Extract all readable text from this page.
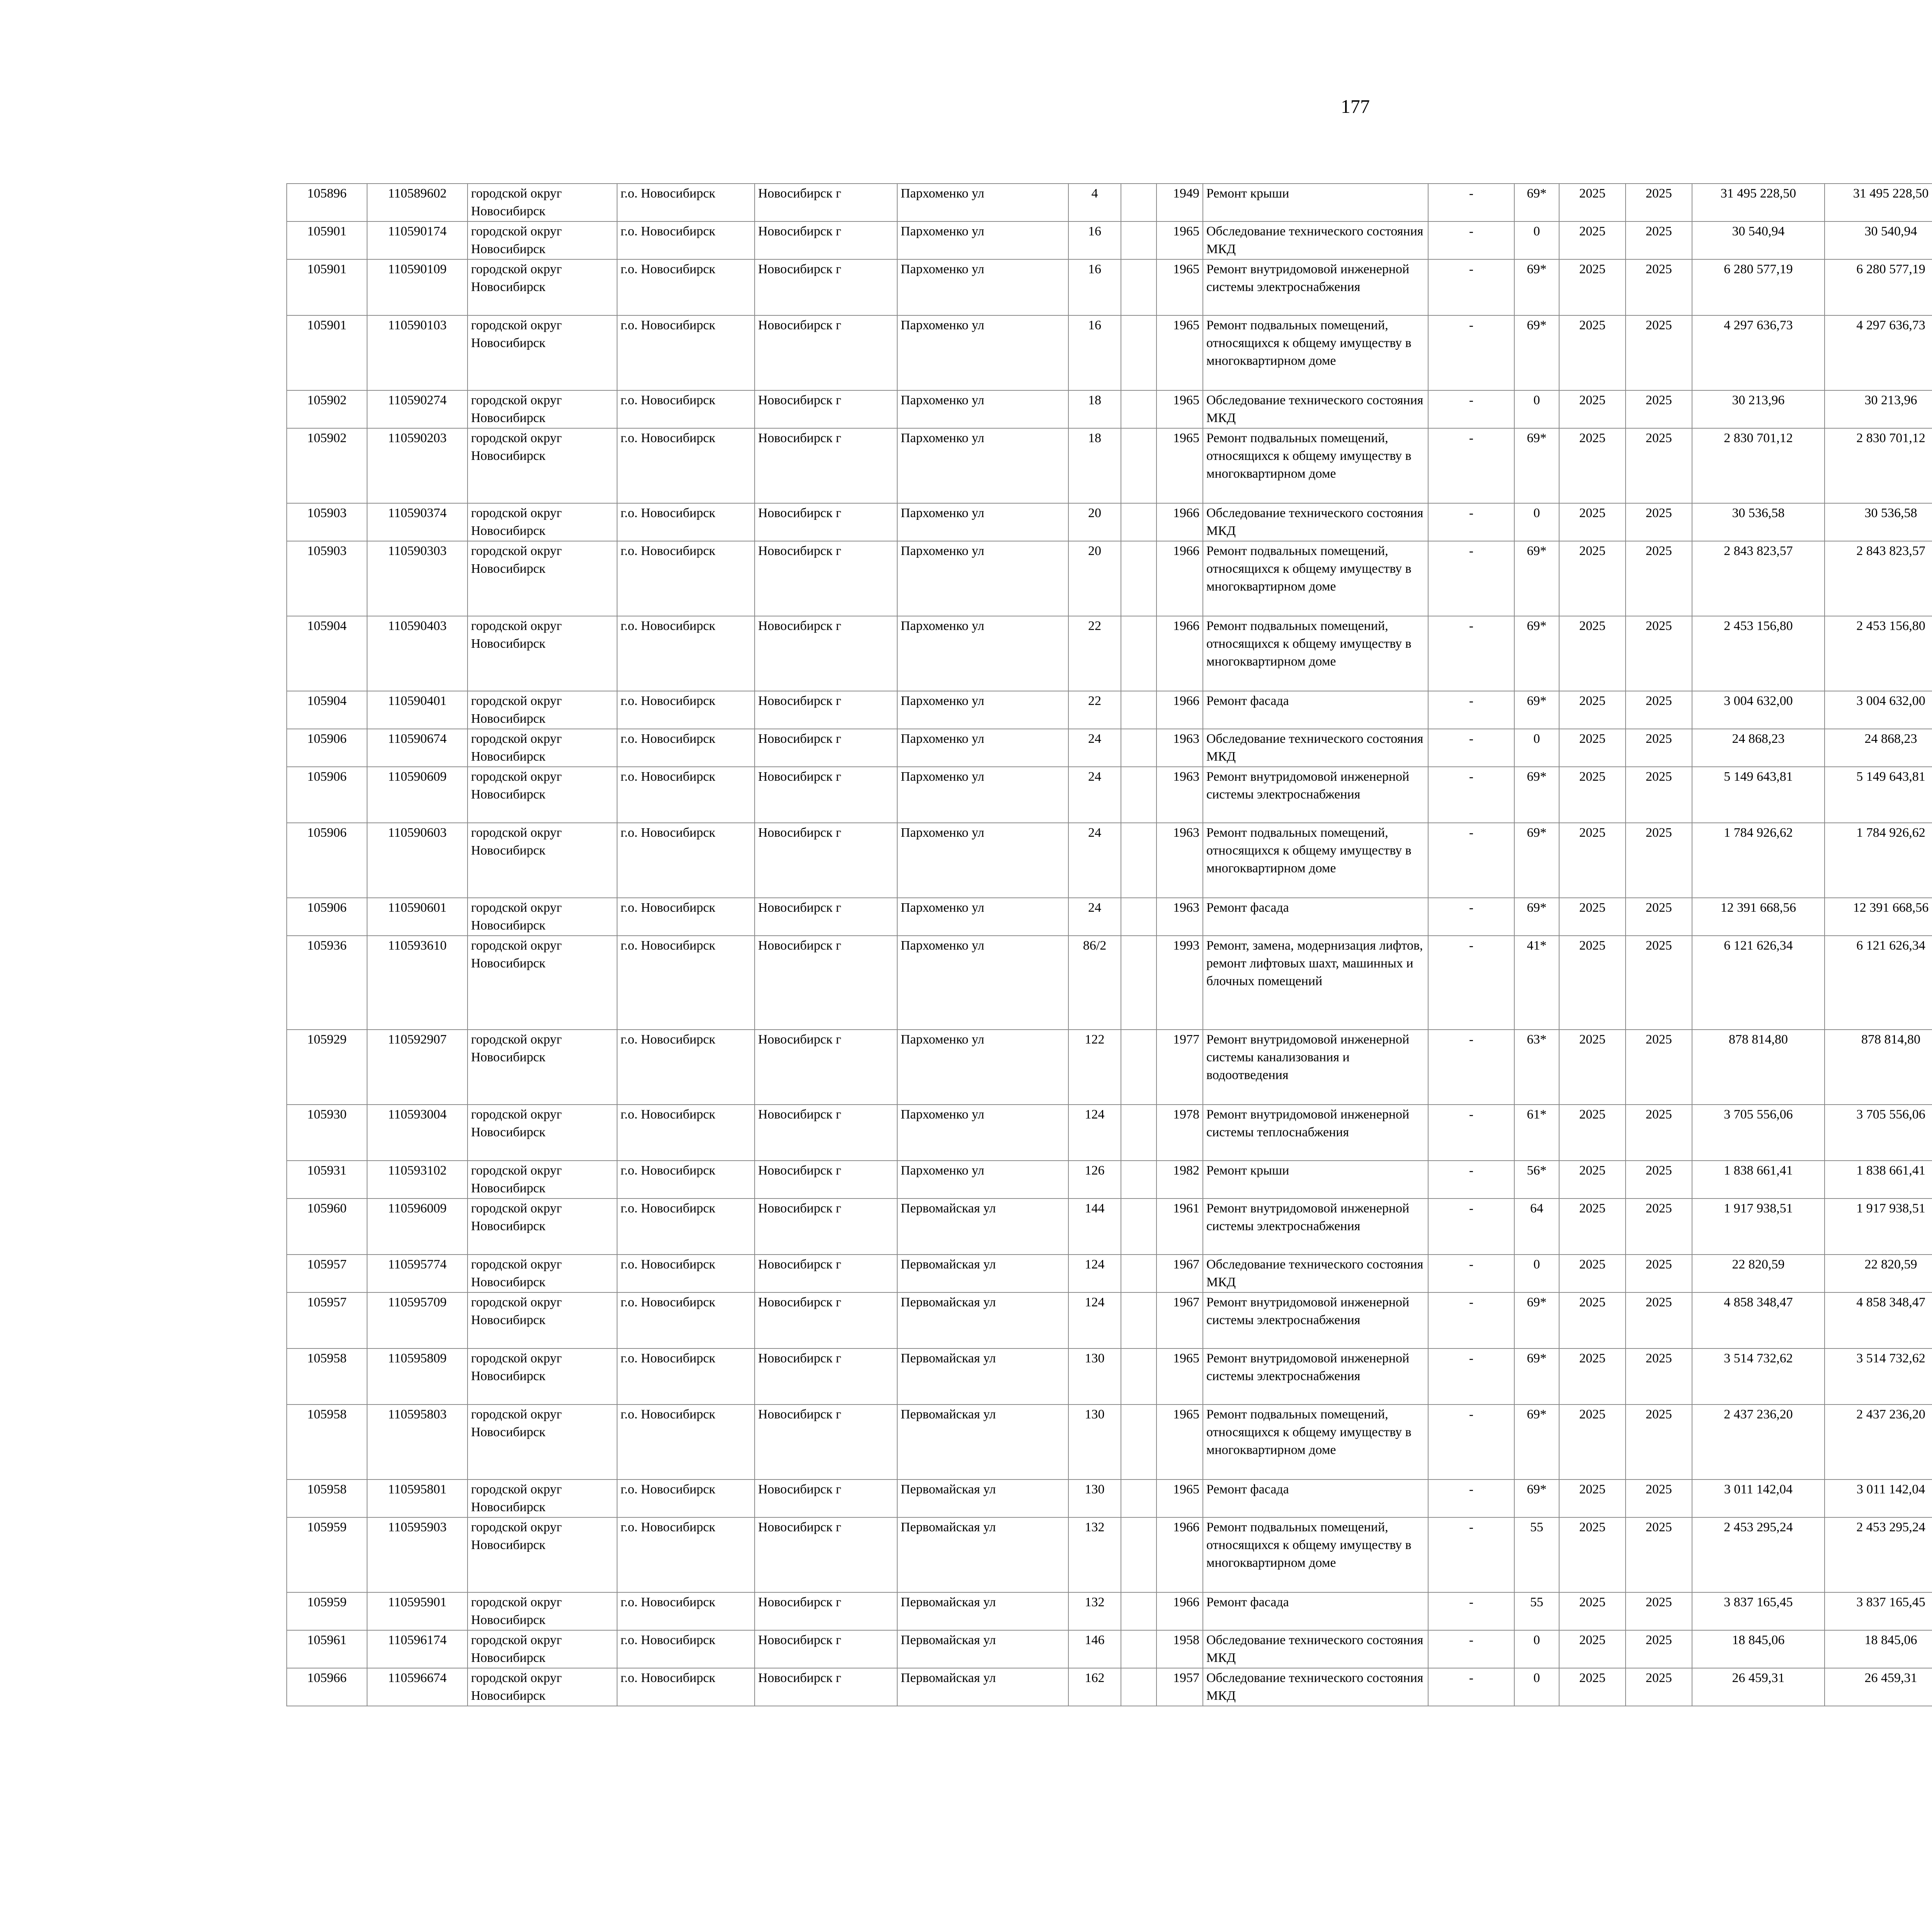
177
105896	110589602	городской округ Новосибирск	г.о. Новосибирск	Новосибирск г	Пархоменко ул	4		1949	Ремонт крыши	-	69*	2025	2025	31 495 228,50	31 495 228,50						
105901	110590174	городской округ Новосибирск	г.о. Новосибирск	Новосибирск г	Пархоменко ул	16		1965	Обследование технического состояния МКД	-	0	2025	2025	30 540,94	30 540,94						
105901	110590109	городской округ Новосибирск	г.о. Новосибирск	Новосибирск г	Пархоменко ул	16		1965	Ремонт внутридомовой инженерной системы электроснабжения	-	69*	2025	2025	6 280 577,19	6 280 577,19						
105901	110590103	городской округ Новосибирск	г.о. Новосибирск	Новосибирск г	Пархоменко ул	16		1965	Ремонт подвальных помещений, относящихся к общему имуществу в многоквартирном доме	-	69*	2025	2025	4 297 636,73	4 297 636,73						
105902	110590274	городской округ Новосибирск	г.о. Новосибирск	Новосибирск г	Пархоменко ул	18		1965	Обследование технического состояния МКД	-	0	2025	2025	30 213,96	30 213,96						
105902	110590203	городской округ Новосибирск	г.о. Новосибирск	Новосибирск г	Пархоменко ул	18		1965	Ремонт подвальных помещений, относящихся к общему имуществу в многоквартирном доме	-	69*	2025	2025	2 830 701,12	2 830 701,12						
105903	110590374	городской округ Новосибирск	г.о. Новосибирск	Новосибирск г	Пархоменко ул	20		1966	Обследование технического состояния МКД	-	0	2025	2025	30 536,58	30 536,58						
105903	110590303	городской округ Новосибирск	г.о. Новосибирск	Новосибирск г	Пархоменко ул	20		1966	Ремонт подвальных помещений, относящихся к общему имуществу в многоквартирном доме	-	69*	2025	2025	2 843 823,57	2 843 823,57						
105904	110590403	городской округ Новосибирск	г.о. Новосибирск	Новосибирск г	Пархоменко ул	22		1966	Ремонт подвальных помещений, относящихся к общему имуществу в многоквартирном доме	-	69*	2025	2025	2 453 156,80	2 453 156,80						
105904	110590401	городской округ Новосибирск	г.о. Новосибирск	Новосибирск г	Пархоменко ул	22		1966	Ремонт фасада	-	69*	2025	2025	3 004 632,00	3 004 632,00						
105906	110590674	городской округ Новосибирск	г.о. Новосибирск	Новосибирск г	Пархоменко ул	24		1963	Обследование технического состояния МКД	-	0	2025	2025	24 868,23	24 868,23						
105906	110590609	городской округ Новосибирск	г.о. Новосибирск	Новосибирск г	Пархоменко ул	24		1963	Ремонт внутридомовой инженерной системы электроснабжения	-	69*	2025	2025	5 149 643,81	5 149 643,81						
105906	110590603	городской округ Новосибирск	г.о. Новосибирск	Новосибирск г	Пархоменко ул	24		1963	Ремонт подвальных помещений, относящихся к общему имуществу в многоквартирном доме	-	69*	2025	2025	1 784 926,62	1 784 926,62						
105906	110590601	городской округ Новосибирск	г.о. Новосибирск	Новосибирск г	Пархоменко ул	24		1963	Ремонт фасада	-	69*	2025	2025	12 391 668,56	12 391 668,56						
105936	110593610	городской округ Новосибирск	г.о. Новосибирск	Новосибирск г	Пархоменко ул	86/2		1993	Ремонт, замена, модернизация лифтов, ремонт лифтовых шахт, машинных и блочных помещений	-	41*	2025	2025	6 121 626,34	6 121 626,34						
105929	110592907	городской округ Новосибирск	г.о. Новосибирск	Новосибирск г	Пархоменко ул	122		1977	Ремонт внутридомовой инженерной системы канализования и водоотведения	-	63*	2025	2025	878 814,80	878 814,80						
105930	110593004	городской округ Новосибирск	г.о. Новосибирск	Новосибирск г	Пархоменко ул	124		1978	Ремонт внутридомовой инженерной системы теплоснабжения	-	61*	2025	2025	3 705 556,06	3 705 556,06						
105931	110593102	городской округ Новосибирск	г.о. Новосибирск	Новосибирск г	Пархоменко ул	126		1982	Ремонт крыши	-	56*	2025	2025	1 838 661,41	1 838 661,41						
105960	110596009	городской округ Новосибирск	г.о. Новосибирск	Новосибирск г	Первомайская ул	144		1961	Ремонт внутридомовой инженерной системы электроснабжения	-	64	2025	2025	1 917 938,51	1 917 938,51						
105957	110595774	городской округ Новосибирск	г.о. Новосибирск	Новосибирск г	Первомайская ул	124		1967	Обследование технического состояния МКД	-	0	2025	2025	22 820,59	22 820,59						
105957	110595709	городской округ Новосибирск	г.о. Новосибирск	Новосибирск г	Первомайская ул	124		1967	Ремонт внутридомовой инженерной системы электроснабжения	-	69*	2025	2025	4 858 348,47	4 858 348,47						
105958	110595809	городской округ Новосибирск	г.о. Новосибирск	Новосибирск г	Первомайская ул	130		1965	Ремонт внутридомовой инженерной системы электроснабжения	-	69*	2025	2025	3 514 732,62	3 514 732,62						
105958	110595803	городской округ Новосибирск	г.о. Новосибирск	Новосибирск г	Первомайская ул	130		1965	Ремонт подвальных помещений, относящихся к общему имуществу в многоквартирном доме	-	69*	2025	2025	2 437 236,20	2 437 236,20						
105958	110595801	городской округ Новосибирск	г.о. Новосибирск	Новосибирск г	Первомайская ул	130		1965	Ремонт фасада	-	69*	2025	2025	3 011 142,04	3 011 142,04						
105959	110595903	городской округ Новосибирск	г.о. Новосибирск	Новосибирск г	Первомайская ул	132		1966	Ремонт подвальных помещений, относящихся к общему имуществу в многоквартирном доме	-	55	2025	2025	2 453 295,24	2 453 295,24						
105959	110595901	городской округ Новосибирск	г.о. Новосибирск	Новосибирск г	Первомайская ул	132		1966	Ремонт фасада	-	55	2025	2025	3 837 165,45	3 837 165,45						
105961	110596174	городской округ Новосибирск	г.о. Новосибирск	Новосибирск г	Первомайская ул	146		1958	Обследование технического состояния МКД	-	0	2025	2025	18 845,06	18 845,06						
105966	110596674	городской округ Новосибирск	г.о. Новосибирск	Новосибирск г	Первомайская ул	162		1957	Обследование технического состояния МКД	-	0	2025	2025	26 459,31	26 459,31						
